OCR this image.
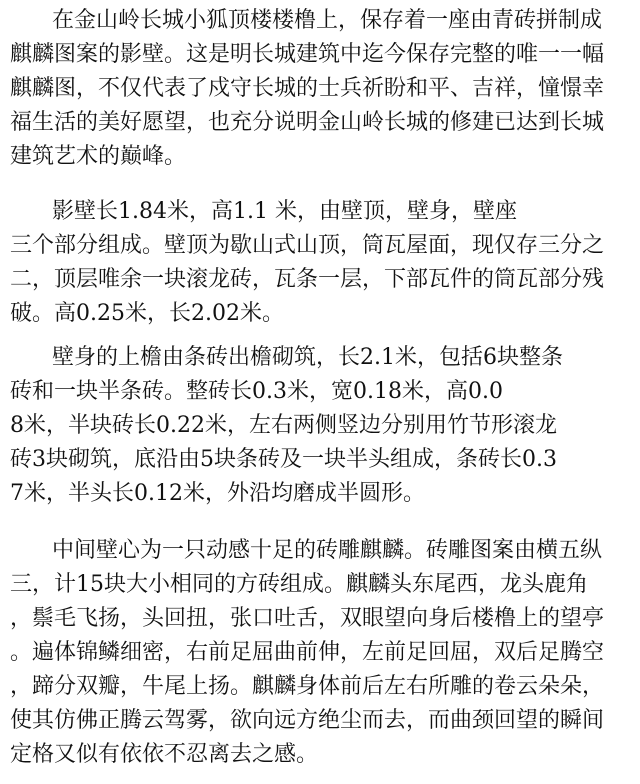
在金山岭长城小狐顶楼楼橹上，保存着一座由青砖拼制成
麒麟图案的影壁。这是明长城建筑中迄今保存完整的唯一一幅
麒麟图，不仅代表了戍守长城的士兵祈盼和平、吉祥，憧憬幸
福生活的美好愿望，也充分说明金山岭长城的修建已达到长城
建筑艺术的巅峰。
影壁长1.84米，高1.1 米，由壁顶，壁身，壁座
三个部分组成。壁顶为歇山式山顶，筒瓦屋面，现仅存三分之
二，顶层唯余一块滚龙砖，瓦条一层，下部瓦件的筒瓦部分残
破。高0.25米，长2.02米。
壁身的上檐由条砖出檐砌筑，长2.1米，包括6块整条
砖和一块半条砖。整砖长0.3米，宽0.18米，高0.0
8米，半块砖长0.22米，左右两侧竖边分别用竹节形滚龙
砖3块砌筑，底沿由5块条砖及一块半头组成，条砖长0.3
7米，半头长0.12米，外沿均磨成半圆形。
中间壁心为一只动感十足的砖雕麒麟。砖雕图案由横五纵
三，计15块大小相同的方砖组成。麒麟头东尾西，龙头鹿角
，鬃毛飞扬，头回扭，张口吐舌，双眼望向身后楼橹上的望亭
。遍体锦鳞细密，右前足屈曲前伸，左前足回屈，双后足腾空
，蹄分双瓣，牛尾上扬。麒麟身体前后左右所雕的卷云朵朵，
使其仿佛正腾云驾雾，欲向远方绝尘而去，而曲颈回望的瞬间
定格又似有依依不忍离去之感。
